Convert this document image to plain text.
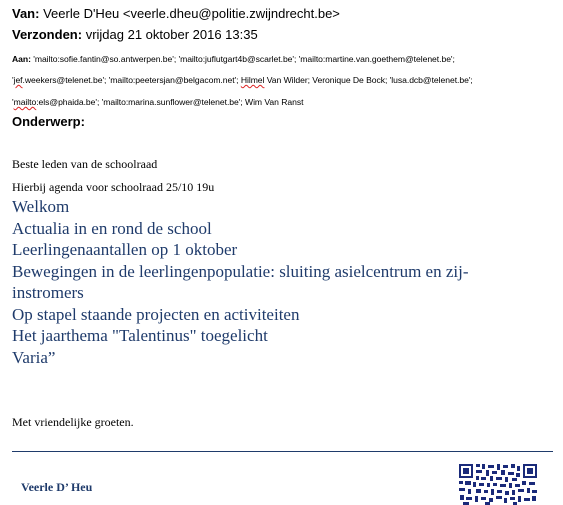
Van: Veerle D'Heu <veerle.dheu@politie.zwijndrecht.be>
Verzonden: vrijdag 21 oktober 2016 13:35
Aan: 'mailto:sofie.fantin@so.antwerpen.be'; 'mailto:juflutgart4b@scarlet.be'; 'mailto:martine.van.goethem@telenet.be';
'jef.weekers@telenet.be'; 'mailto:peetersjan@belgacom.net'; Hilmel Van Wilder; Veronique De Bock; 'lusa.dcb@telenet.be';
'mailto:els@phaida.be'; 'mailto:marina.sunflower@telenet.be'; Wim Van Ranst
Onderwerp:
Beste leden van de schoolraad
Hierbij agenda voor schoolraad 25/10 19u
Welkom
Actualia in en rond de school
Leerlingenaantallen op 1 oktober
Bewegingen in de leerlingenpopulatie: sluiting asielcentrum en zij-
instromers
Op stapel staande projecten en activiteiten
Het jaarthema "Talentinus" toegelicht
Varia”
Met vriendelijke groeten.
Veerle D’ Heu
